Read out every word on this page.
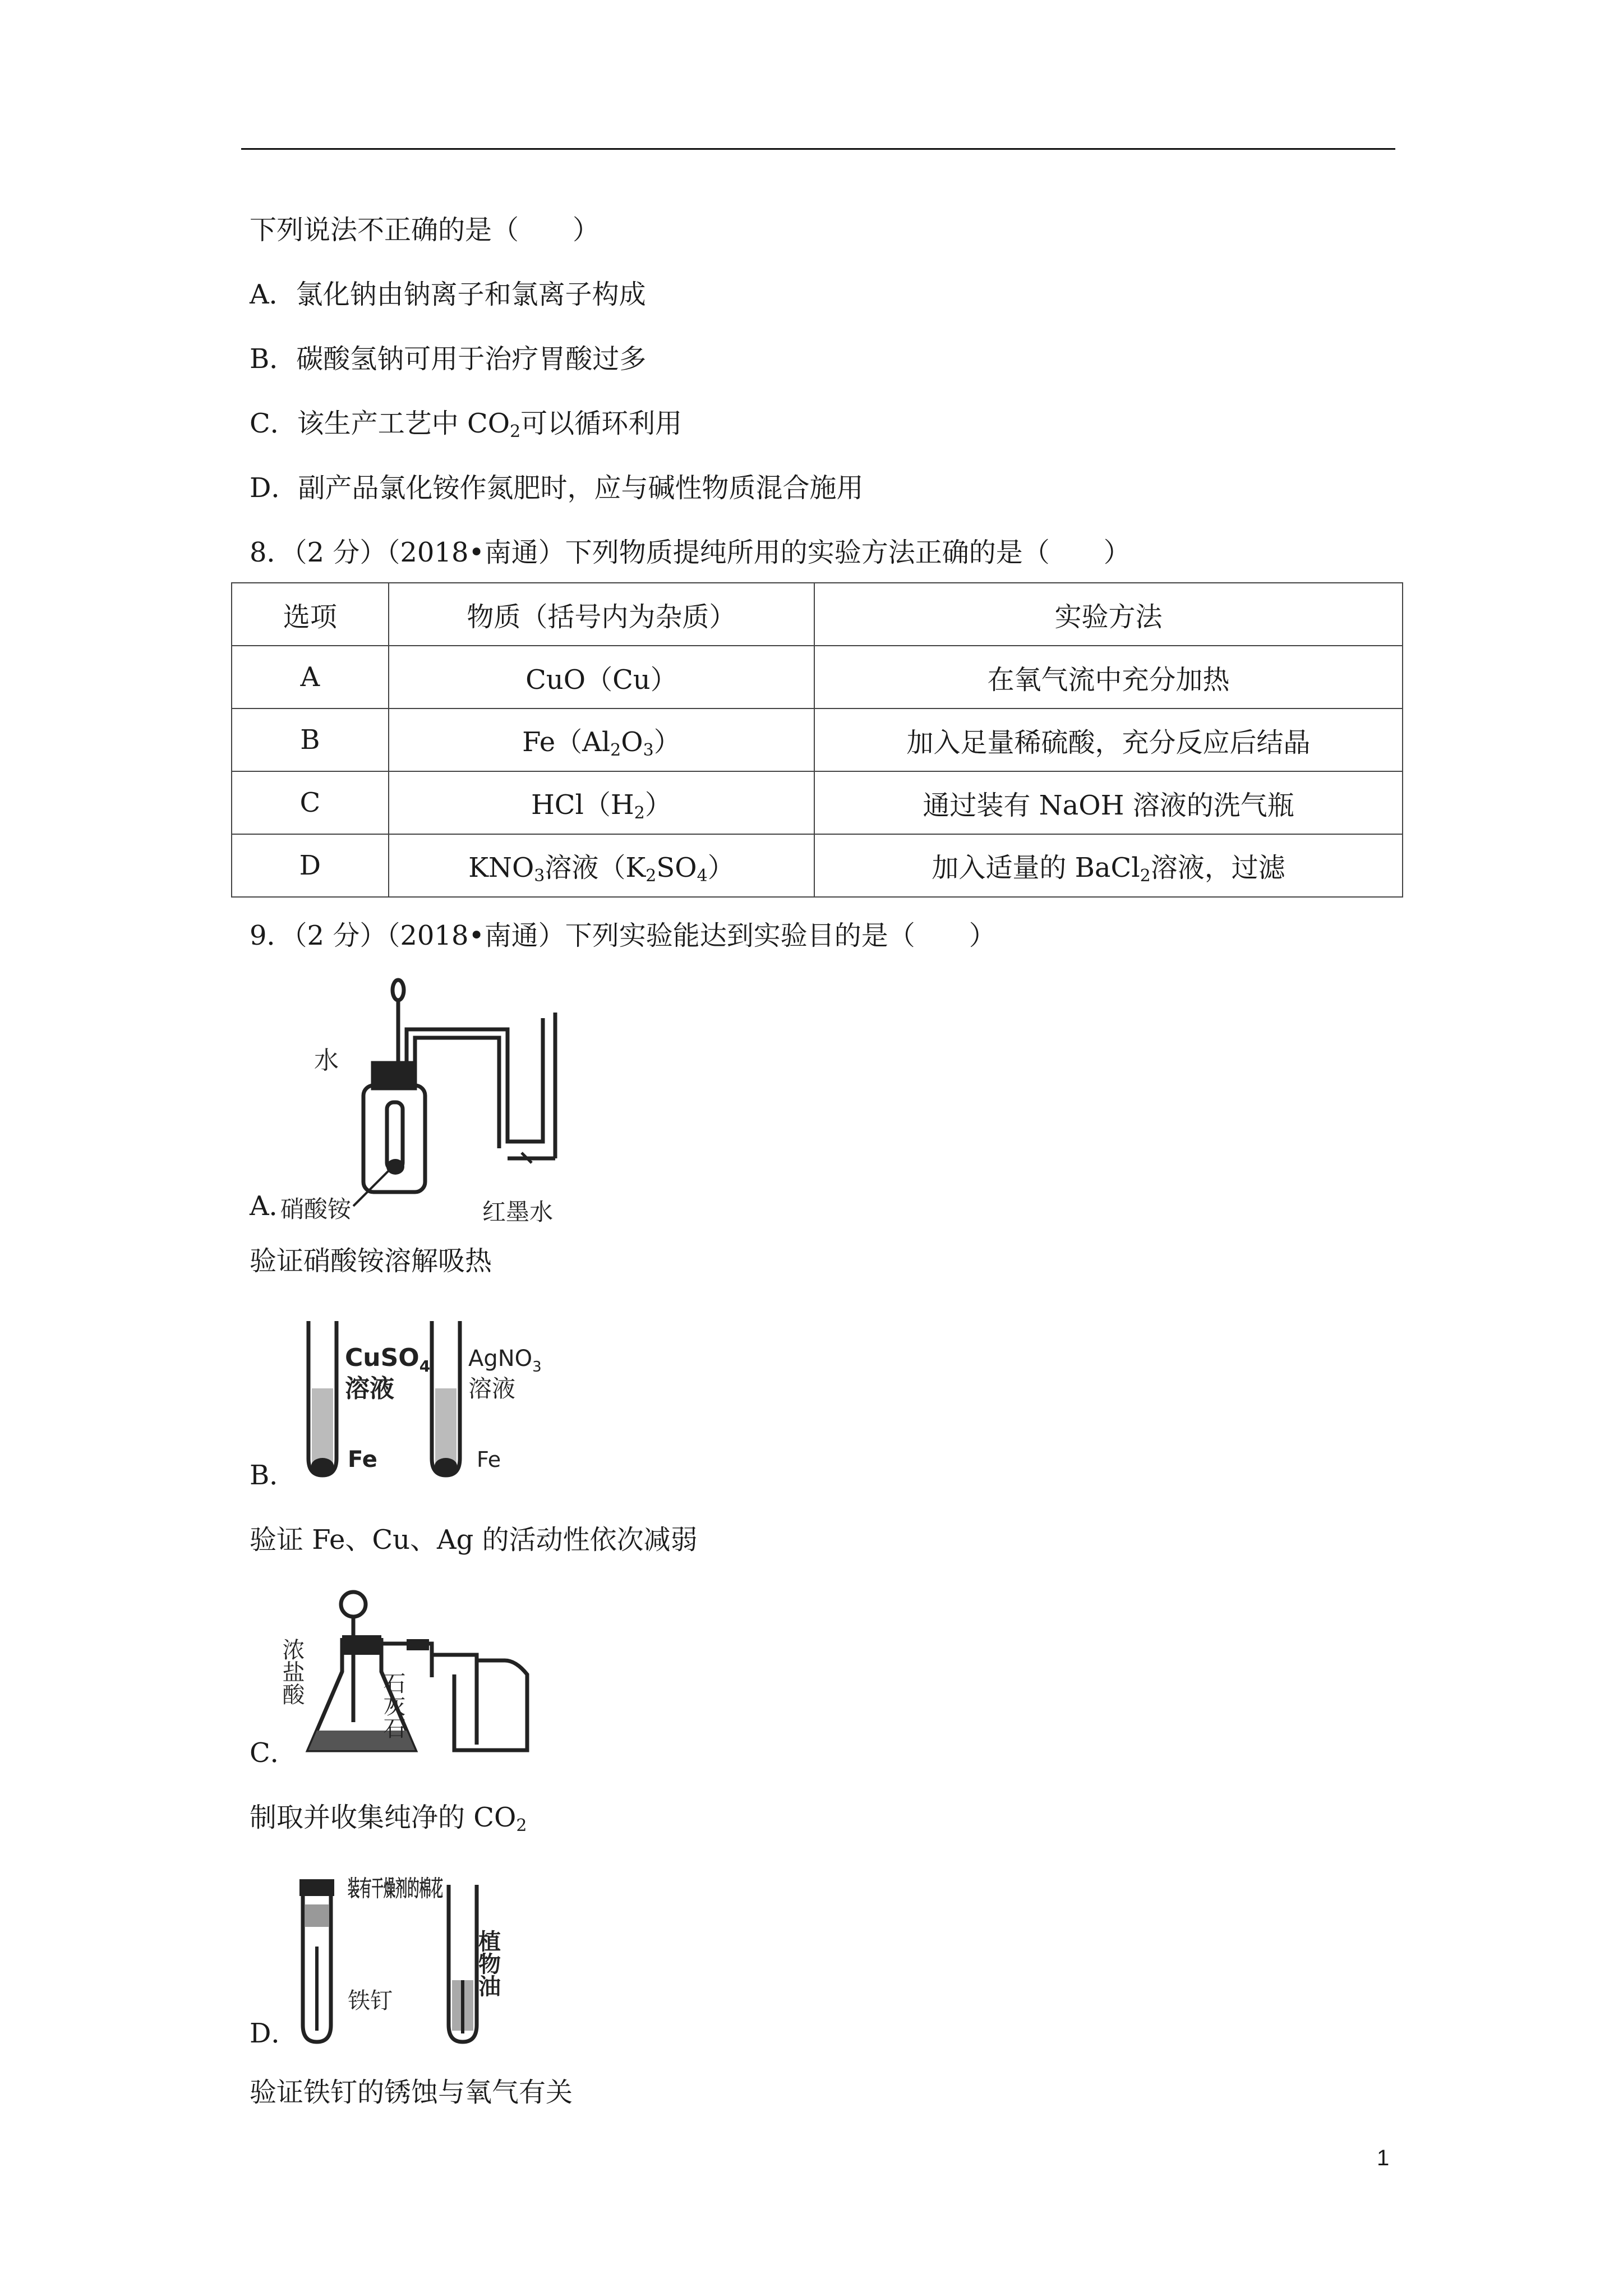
下列说法不正确的是（　　）
A．氯化钠由钠离子和氯离子构成
B．碳酸氢钠可用于治疗胃酸过多
C．该生产工艺中 $CO_2$可以循环利用
D．副产品氯化铵作氮肥时，应与碱性物质混合施用
8．（2 分）（2018•南通）下列物质提纯所用的实验方法正确的是（　　）
选项	物质（括号内为杂质）	实验方法
A	CuO（Cu）	在氧气流中充分加热
B	$Fe(Al_2O_3)$	加入足量稀硫酸，充分反应后结晶
C	$HCl(H_2)$	通过装有 NaOH 溶液的洗气瓶
D	$KNO_3$溶液$(K_2SO_4)$	加入适量的 BaCl$_2$溶液，过滤
9．（2 分）（2018•南通）下列实验能达到实验目的是（　　）
水
硝酸铵	红墨水
A．
验证硝酸铵溶解吸热
CuSO$_4$
溶液
Fe
AgNO$_3$
溶液
Fe
B．
验证 Fe、Cu、Ag 的活动性依次减弱
浓盐酸	石灰石
C．
制取并收集纯净的 $CO_2$
装有干燥剂的棉花
铁钉
植物油
D．
验证铁钉的锈蚀与氧气有关
1
